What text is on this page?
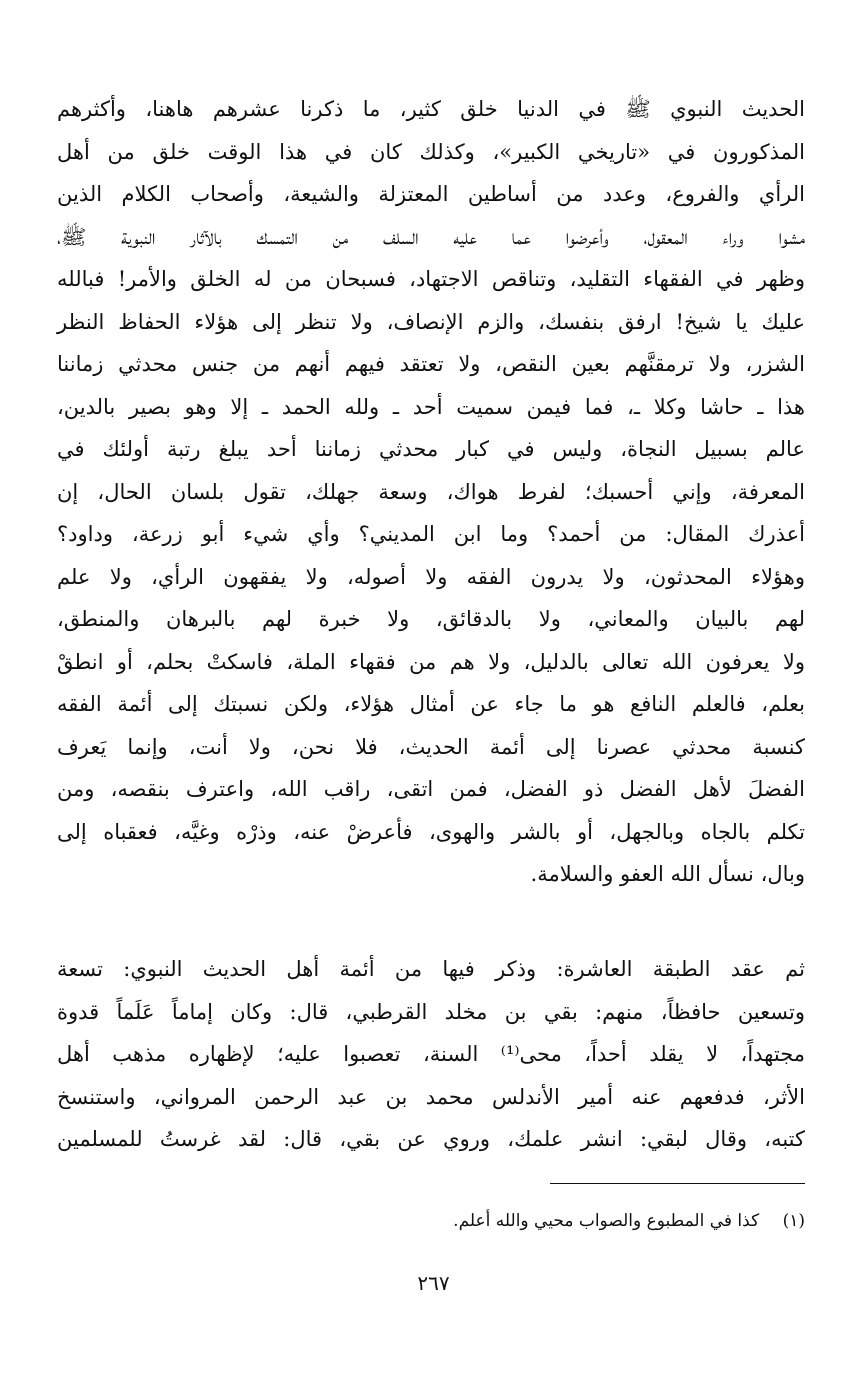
الحديث النبوي ﷺ في الدنيا خلق كثير، ما ذكرنا عشرهم هاهنا، وأكثرهم
المذكورون في «تاريخي الكبير»، وكذلك كان في هذا الوقت خلق من أهل
الرأي والفروع، وعدد من أساطين المعتزلة والشيعة، وأصحاب الكلام الذين
مشوا وراء المعقول، وأعرضوا عما عليه السلف من التمسك بالآثار النبوية ﷺ،
وظهر في الفقهاء التقليد، وتناقص الاجتهاد، فسبحان من له الخلق والأمر! فبالله
عليك يا شيخ! ارفق بنفسك، والزم الإنصاف، ولا تنظر إلى هؤلاء الحفاظ النظر
الشزر، ولا ترمقنَّهم بعين النقص، ولا تعتقد فيهم أنهم من جنس محدثي زماننا
هذا ـ حاشا وكلا ـ، فما فيمن سميت أحد ـ ولله الحمد ـ إلا وهو بصير بالدين،
عالم بسبيل النجاة، وليس في كبار محدثي زماننا أحد يبلغ رتبة أولئك في
المعرفة، وإني أحسبك؛ لفرط هواك، وسعة جهلك، تقول بلسان الحال، إن
أعذرك المقال: من أحمد؟ وما ابن المديني؟ وأي شيء أبو زرعة، وداود؟
وهؤلاء المحدثون، ولا يدرون الفقه ولا أصوله، ولا يفقهون الرأي، ولا علم
لهم بالبيان والمعاني، ولا بالدقائق، ولا خبرة لهم بالبرهان والمنطق،
ولا يعرفون الله تعالى بالدليل، ولا هم من فقهاء الملة، فاسكتْ بحلم، أو انطقْ
بعلم، فالعلم النافع هو ما جاء عن أمثال هؤلاء، ولكن نسبتك إلى أئمة الفقه
كنسبة محدثي عصرنا إلى أئمة الحديث، فلا نحن، ولا أنت، وإنما يَعرف
الفضلَ لأهل الفضل ذو الفضل، فمن اتقى، راقب الله، واعترف بنقصه، ومن
تكلم بالجاه وبالجهل، أو بالشر والهوى، فأعرضْ عنه، وذرْه وغيَّه، فعقباه إلى
وبال، نسأل الله العفو والسلامة.
ثم عقد الطبقة العاشرة: وذكر فيها من أئمة أهل الحديث النبوي: تسعة
وتسعين حافظاً، منهم: بقي بن مخلد القرطبي، قال: وكان إماماً عَلَماً قدوة
مجتهداً، لا يقلد أحداً، محى⁽¹⁾ السنة، تعصبوا عليه؛ لإظهاره مذهب أهل
الأثر، فدفعهم عنه أمير الأندلس محمد بن عبد الرحمن المرواني، واستنسخ
كتبه، وقال لبقي: انشر علمك، وروي عن بقي، قال: لقد غرستُ للمسلمين
(١) كذا في المطبوع والصواب محيي والله أعلم.
٢٦٧
